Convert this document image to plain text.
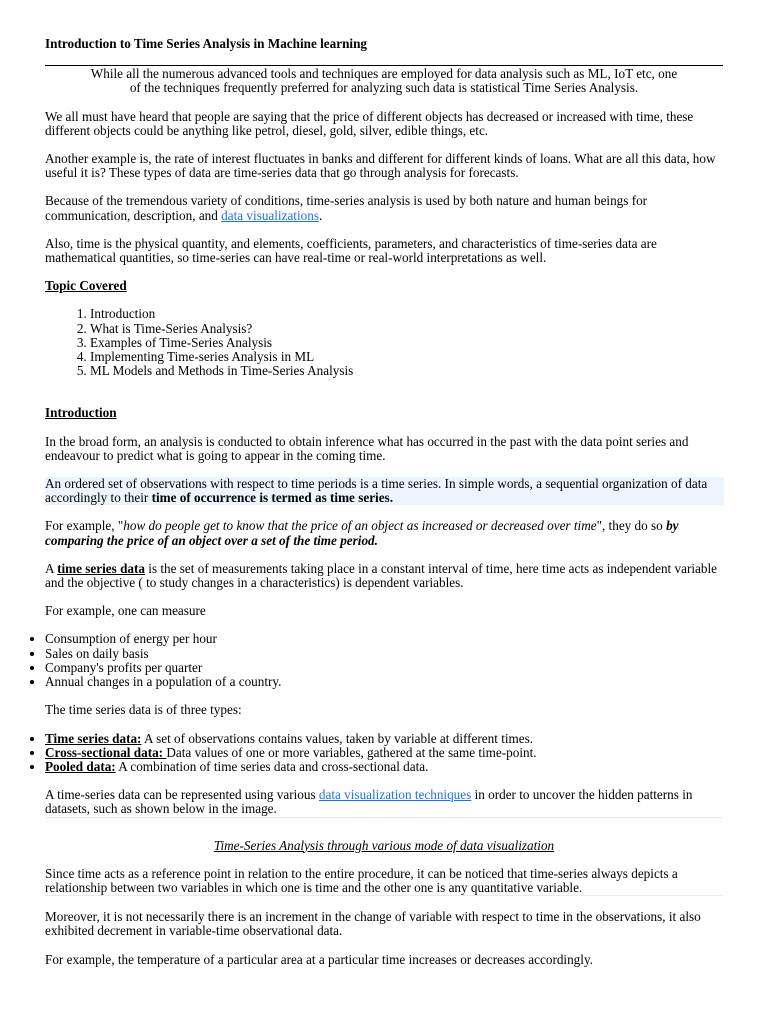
Introduction to Time Series Analysis in Machine learning

While all the numerous advanced tools and techniques are employed for data analysis such as ML, IoT etc, one
of the techniques frequently preferred for analyzing such data is statistical Time Series Analysis.

We all must have heard that people are saying that the price of different objects has decreased or increased with time, these different objects could be anything like petrol, diesel, gold, silver, edible things, etc.

Another example is, the rate of interest fluctuates in banks and different for different kinds of loans. What are all this data, how useful it is? These types of data are time-series data that go through analysis for forecasts.

Because of the tremendous variety of conditions, time-series analysis is used by both nature and human beings for communication, description, and data visualizations.

Also, time is the physical quantity, and elements, coefficients, parameters, and characteristics of time-series data are mathematical quantities, so time-series can have real-time or real-world interpretations as well.

Topic Covered

1. Introduction
2. What is Time-Series Analysis?
3. Examples of Time-Series Analysis
4. Implementing Time-series Analysis in ML
5. ML Models and Methods in Time-Series Analysis

Introduction

In the broad form, an analysis is conducted to obtain inference what has occurred in the past with the data point series and endeavour to predict what is going to appear in the coming time.

An ordered set of observations with respect to time periods is a time series. In simple words, a sequential organization of data accordingly to their time of occurrence is termed as time series.

For example, "how do people get to know that the price of an object as increased or decreased over time", they do so by comparing the price of an object over a set of the time period.

A time series data is the set of measurements taking place in a constant interval of time, here time acts as independent variable and the objective ( to study changes in a characteristics) is dependent variables.

For example, one can measure

• Consumption of energy per hour
• Sales on daily basis
• Company's profits per quarter
• Annual changes in a population of a country.

The time series data is of three types:

• Time series data: A set of observations contains values, taken by variable at different times.
• Cross-sectional data: Data values of one or more variables, gathered at the same time-point.
• Pooled data: A combination of time series data and cross-sectional data.

A time-series data can be represented using various data visualization techniques in order to uncover the hidden patterns in datasets, such as shown below in the image.

Time-Series Analysis through various mode of data visualization

Since time acts as a reference point in relation to the entire procedure, it can be noticed that time-series always depicts a relationship between two variables in which one is time and the other one is any quantitative variable.

Moreover, it is not necessarily there is an increment in the change of variable with respect to time in the observations, it also exhibited decrement in variable-time observational data.

For example, the temperature of a particular area at a particular time increases or decreases accordingly.
